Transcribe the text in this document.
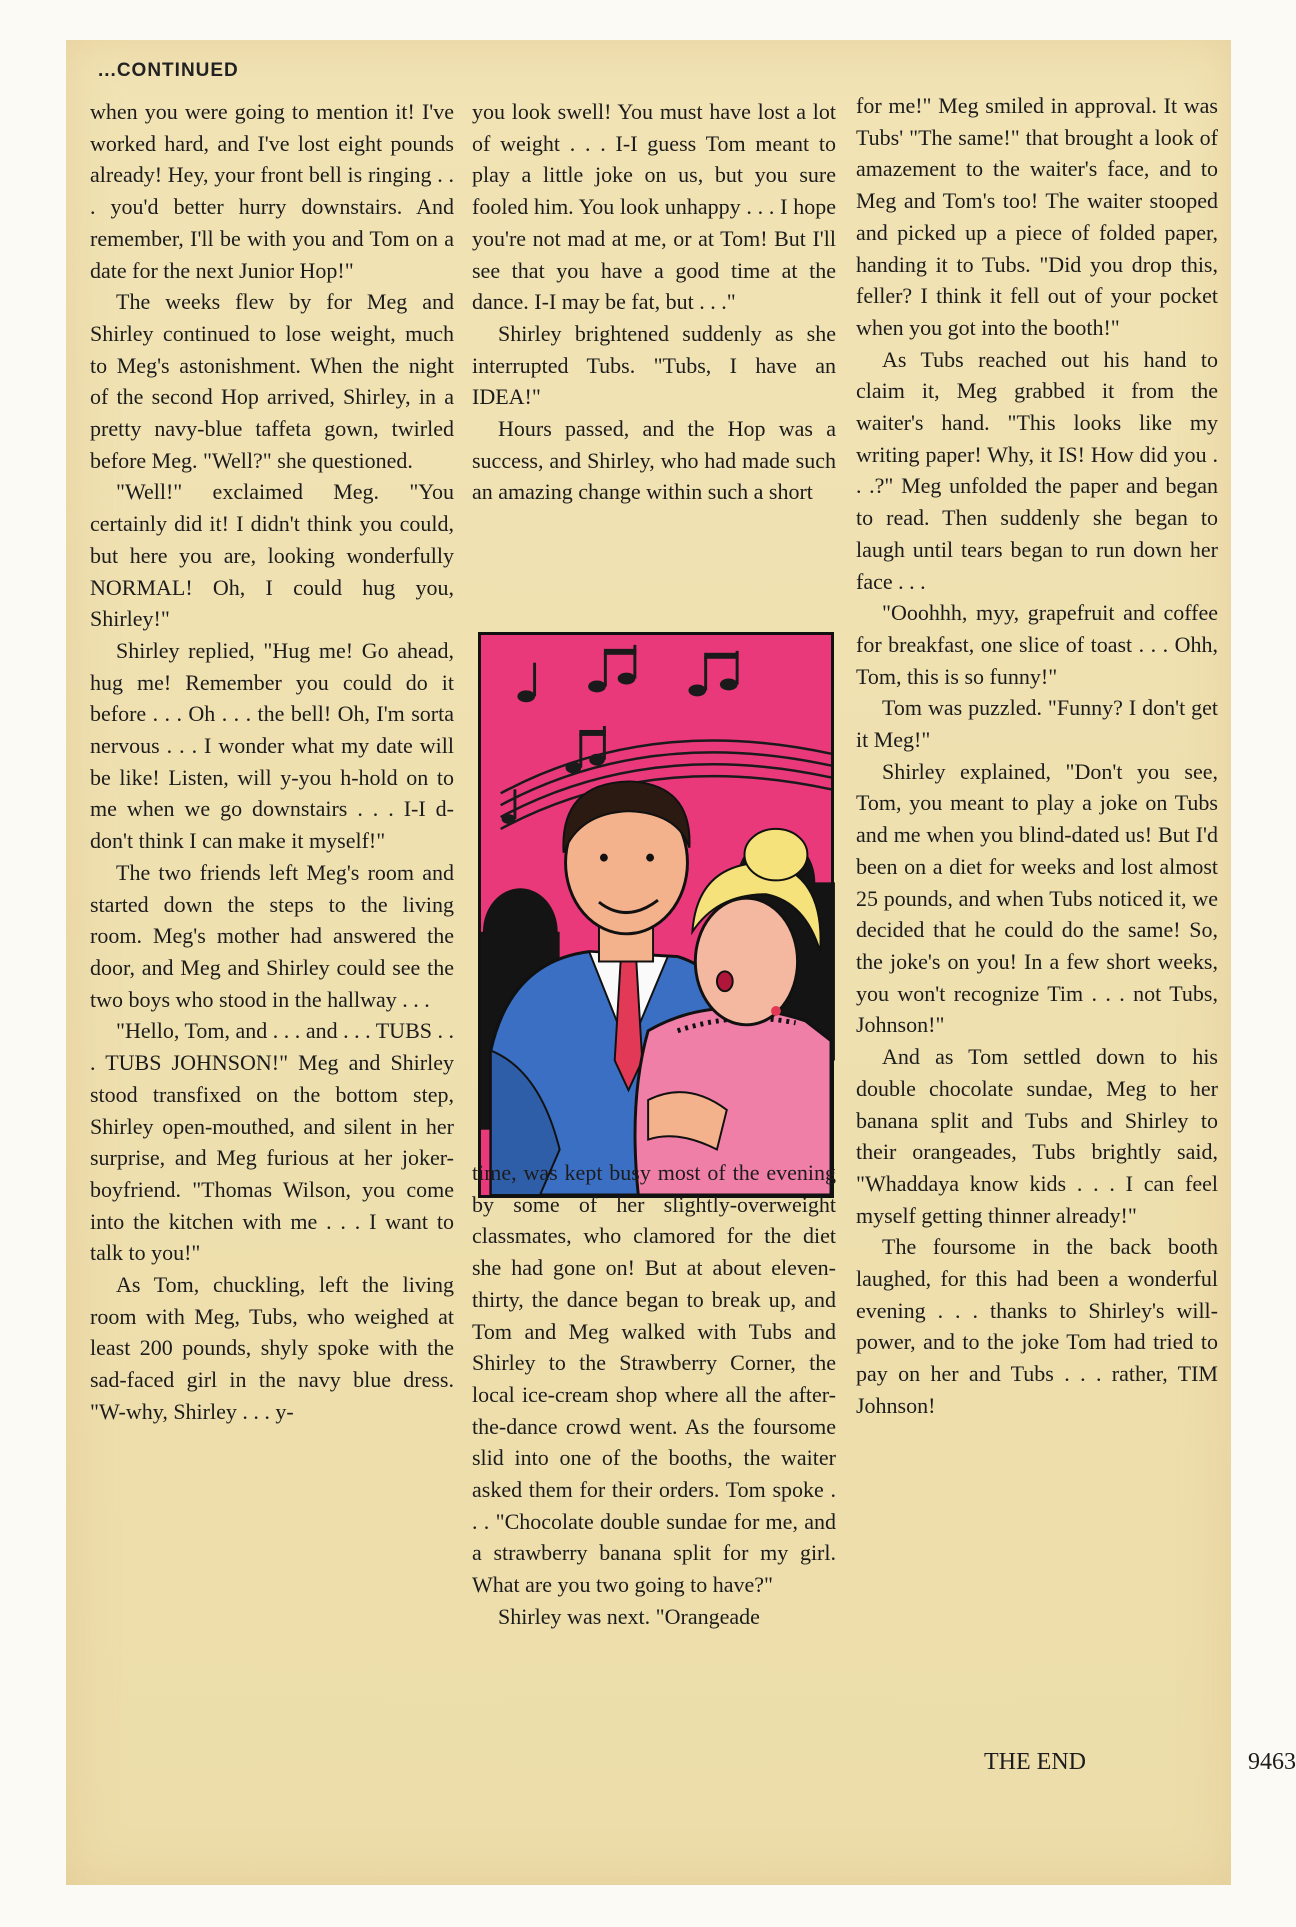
...CONTINUED

when you were going to mention it! I've worked hard, and I've lost eight pounds already! Hey, your front bell is ringing . . . you'd better hurry downstairs. And remember, I'll be with you and Tom on a date for the next Junior Hop!"

The weeks flew by for Meg and Shirley continued to lose weight, much to Meg's astonishment. When the night of the second Hop arrived, Shirley, in a pretty navy-blue taffeta gown, twirled before Meg. "Well?" she questioned.

"Well!" exclaimed Meg. "You certainly did it! I didn't think you could, but here you are, looking wonderfully NORMAL! Oh, I could hug you, Shirley!"

Shirley replied, "Hug me! Go ahead, hug me! Remember you could do it before . . . Oh . . . the bell! Oh, I'm sorta nervous . . . I wonder what my date will be like! Listen, will y-you h-hold on to me when we go downstairs . . . I-I d-don't think I can make it myself!"

The two friends left Meg's room and started down the steps to the living room. Meg's mother had answered the door, and Meg and Shirley could see the two boys who stood in the hallway . . .

"Hello, Tom, and . . . and . . . TUBS . . . TUBS JOHNSON!" Meg and Shirley stood transfixed on the bottom step, Shirley open-mouthed, and silent in her surprise, and Meg furious at her joker-boyfriend. "Thomas Wilson, you come into the kitchen with me . . . I want to talk to you!"

As Tom, chuckling, left the living room with Meg, Tubs, who weighed at least 200 pounds, shyly spoke with the sad-faced girl in the navy blue dress. "W-why, Shirley . . . y-

you look swell! You must have lost a lot of weight . . . I-I guess Tom meant to play a little joke on us, but you sure fooled him. You look unhappy . . . I hope you're not mad at me, or at Tom! But I'll see that you have a good time at the dance. I-I may be fat, but . . ."

Shirley brightened suddenly as she interrupted Tubs. "Tubs, I have an IDEA!"

Hours passed, and the Hop was a success, and Shirley, who had made such an amazing change within such a short

time, was kept busy most of the evening by some of her slightly-overweight classmates, who clamored for the diet she had gone on! But at about eleven-thirty, the dance began to break up, and Tom and Meg walked with Tubs and Shirley to the Strawberry Corner, the local ice-cream shop where all the after-the-dance crowd went. As the foursome slid into one of the booths, the waiter asked them for their orders. Tom spoke . . . "Chocolate double sundae for me, and a strawberry banana split for my girl. What are you two going to have?"

Shirley was next. "Orangeade

for me!" Meg smiled in approval. It was Tubs' "The same!" that brought a look of amazement to the waiter's face, and to Meg and Tom's too! The waiter stooped and picked up a piece of folded paper, handing it to Tubs. "Did you drop this, feller? I think it fell out of your pocket when you got into the booth!"

As Tubs reached out his hand to claim it, Meg grabbed it from the waiter's hand. "This looks like my writing paper! Why, it IS! How did you . . .?" Meg unfolded the paper and began to read. Then suddenly she began to laugh until tears began to run down her face . . .

"Ooohhh, myy, grapefruit and coffee for breakfast, one slice of toast . . . Ohh, Tom, this is so funny!"

Tom was puzzled. "Funny? I don't get it Meg!"

Shirley explained, "Don't you see, Tom, you meant to play a joke on Tubs and me when you blind-dated us! But I'd been on a diet for weeks and lost almost 25 pounds, and when Tubs noticed it, we decided that he could do the same! So, the joke's on you! In a few short weeks, you won't recognize Tim . . . not Tubs, Johnson!"

And as Tom settled down to his double chocolate sundae, Meg to her banana split and Tubs and Shirley to their orangeades, Tubs brightly said, "Whaddaya know kids . . . I can feel myself getting thinner already!"

The foursome in the back booth laughed, for this had been a wonderful evening . . . thanks to Shirley's will-power, and to the joke Tom had tried to pay on her and Tubs . . . rather, TIM Johnson!

THE END	9463
